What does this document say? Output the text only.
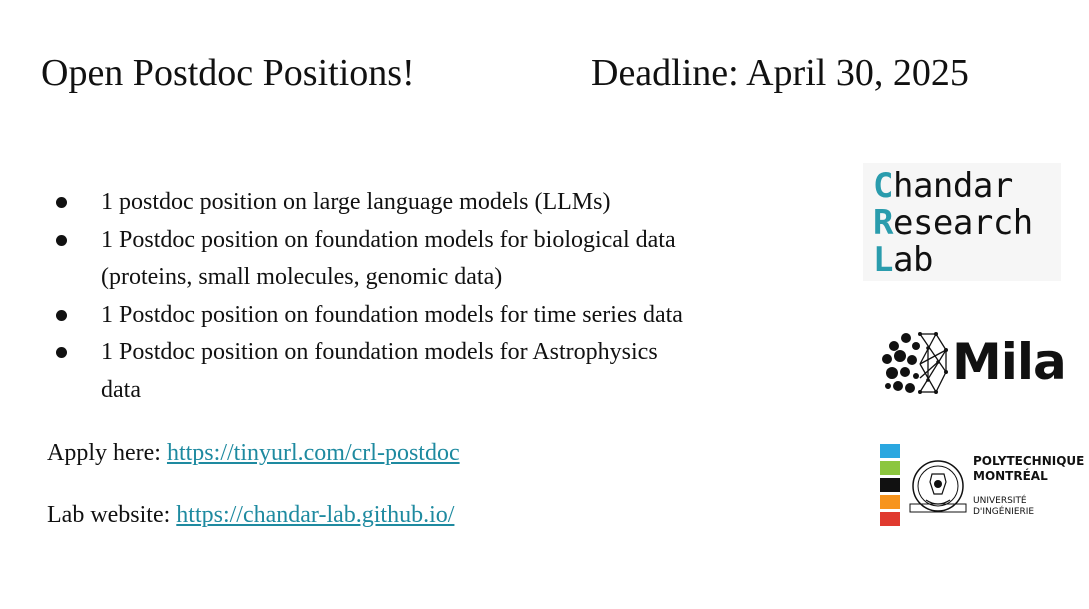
Open Postdoc Positions!	Deadline: April 30, 2025
1 postdoc position on large language models (LLMs)
1 Postdoc position on foundation models for biological data
(proteins, small molecules, genomic data)
1 Postdoc position on foundation models for time series data
1 Postdoc position on foundation models for Astrophysics
data
Apply here: https://tinyurl.com/crl-postdoc
Lab website: https://chandar-lab.github.io/
Chandar
Research
Lab
Mila
POLYTECHNIQUE
MONTRÉAL
UNIVERSITÉ
D'INGÉNIERIE
